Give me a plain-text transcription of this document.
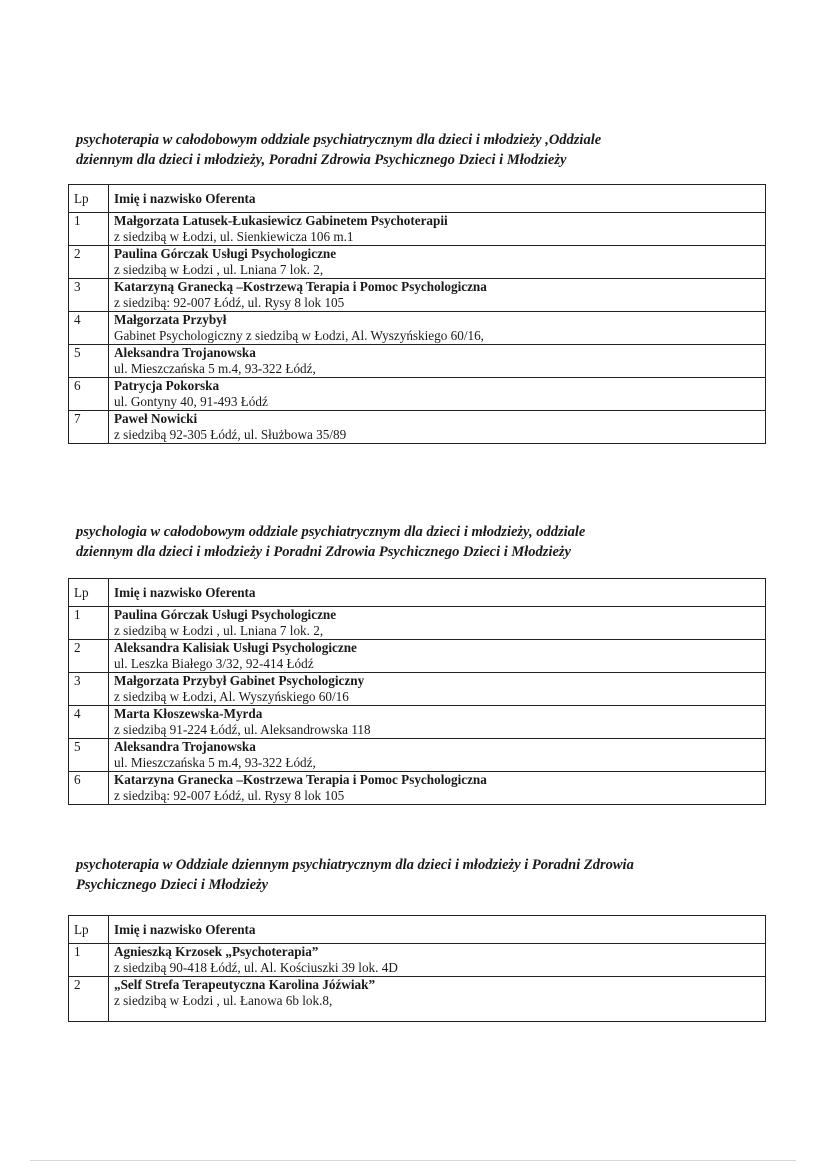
psychoterapia w całodobowym oddziale psychiatrycznym dla dzieci i młodzieży ,Oddziale
dziennym dla dzieci i młodzieży, Poradni Zdrowia Psychicznego Dzieci i Młodzieży

Lp	Imię i nazwisko Oferenta
1	Małgorzata Latusek-Łukasiewicz Gabinetem Psychoterapii
z siedzibą w Łodzi, ul. Sienkiewicza 106 m.1

2	Paulina Górczak Usługi Psychologiczne
z siedzibą w Łodzi , ul. Lniana 7 lok. 2,

3	Katarzyną Granecką –Kostrzewą Terapia i Pomoc Psychologiczna
z siedzibą: 92-007 Łódź, ul. Rysy 8 lok 105

4	Małgorzata Przybył
Gabinet Psychologiczny z siedzibą w Łodzi, Al. Wyszyńskiego 60/16,

5	Aleksandra Trojanowska
ul. Mieszczańska 5 m.4, 93-322 Łódź,

6	Patrycja Pokorska
ul. Gontyny 40, 91-493 Łódź

7	Paweł Nowicki
z siedzibą 92-305 Łódź, ul. Służbowa 35/89

psychologia w całodobowym oddziale psychiatrycznym dla dzieci i młodzieży, oddziale
dziennym dla dzieci i młodzieży i Poradni Zdrowia Psychicznego Dzieci i Młodzieży

Lp	Imię i nazwisko Oferenta
1	Paulina Górczak Usługi Psychologiczne
z siedzibą w Łodzi , ul. Lniana 7 lok. 2,

2	Aleksandra Kalisiak Usługi Psychologiczne
ul. Leszka Białego 3/32, 92-414 Łódź

3	Małgorzata Przybył Gabinet Psychologiczny
z siedzibą w Łodzi, Al. Wyszyńskiego 60/16

4	Marta Kłoszewska-Myrda
z siedzibą 91-224 Łódź, ul. Aleksandrowska 118

5	Aleksandra Trojanowska
ul. Mieszczańska 5 m.4, 93-322 Łódź,

6	Katarzyna Granecka –Kostrzewa Terapia i Pomoc Psychologiczna
z siedzibą: 92-007 Łódź, ul. Rysy 8 lok 105

psychoterapia w Oddziale dziennym psychiatrycznym dla dzieci i młodzieży i Poradni Zdrowia
Psychicznego Dzieci i Młodzieży

Lp	Imię i nazwisko Oferenta
1	Agnieszką Krzosek „Psychoterapia”
z siedzibą 90-418 Łódź, ul. Al. Kościuszki 39 lok. 4D

2	„Self Strefa Terapeutyczna Karolina Jóźwiak”
z siedzibą w Łodzi , ul. Łanowa 6b lok.8,
